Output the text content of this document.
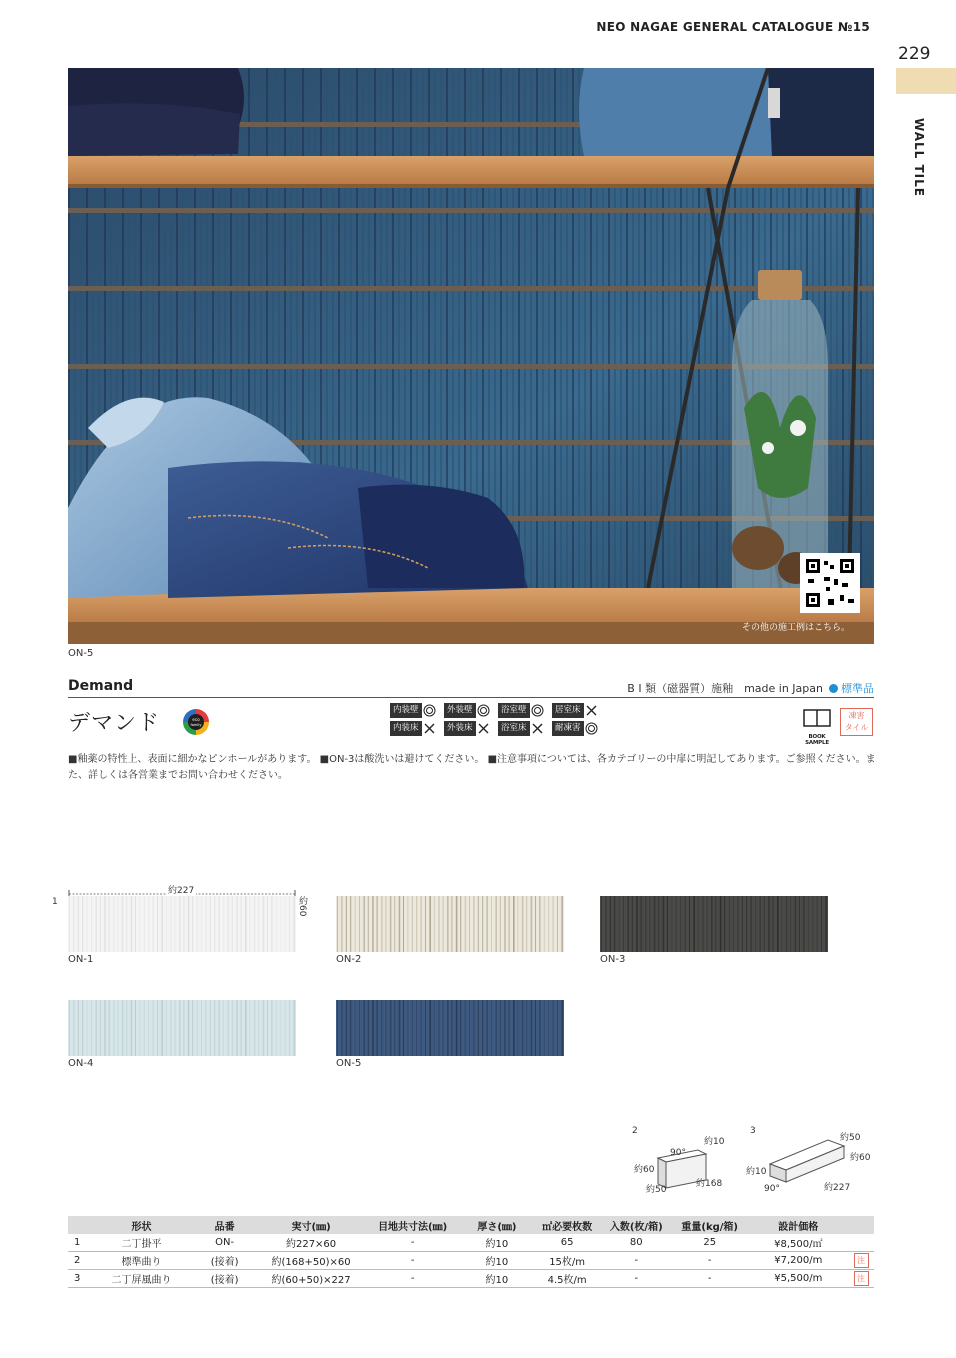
NEO NAGAE GENERAL CATALOGUE №15
229
WALL TILE
その他の施工例はこちら。
ON-5
Demand	B I 類（磁器質）施釉　made in Japan 標準品
デマンド	eco
family
内装壁	外装壁	浴室壁	居室床
内装床	外装床	浴室床	耐凍害
BOOK SAMPLE
凍害
タイル
■釉薬の特性上、表面に細かなピンホールがあります。 ■ON-3は酸洗いは避けてください。 ■注意事項については、各カテゴリーの中扉に明記してあります。ご参照ください。また、詳しくは各営業までお問い合わせください。
1
約227
約60
ON-1	ON-2	ON-3
ON-4	ON-5
2
90°
約10
約60
約50
約168
3
約50
約60
約10
90°	約227
	形状	品番	実寸(㎜)	目地共寸法(㎜)	厚さ(㎜)	㎡必要枚数	入数(枚/箱)	重量(kg/箱)	設計価格	
1	二丁掛平	ON-	約227×60	-	約10	65	80	25	¥8,500/㎡	
2	標準曲り	(接着)	約(168+50)×60	-	約10	15枚/m	-	-	¥7,200/m	注
3	二丁屏風曲り	(接着)	約(60+50)×227	-	約10	4.5枚/m	-	-	¥5,500/m	注
